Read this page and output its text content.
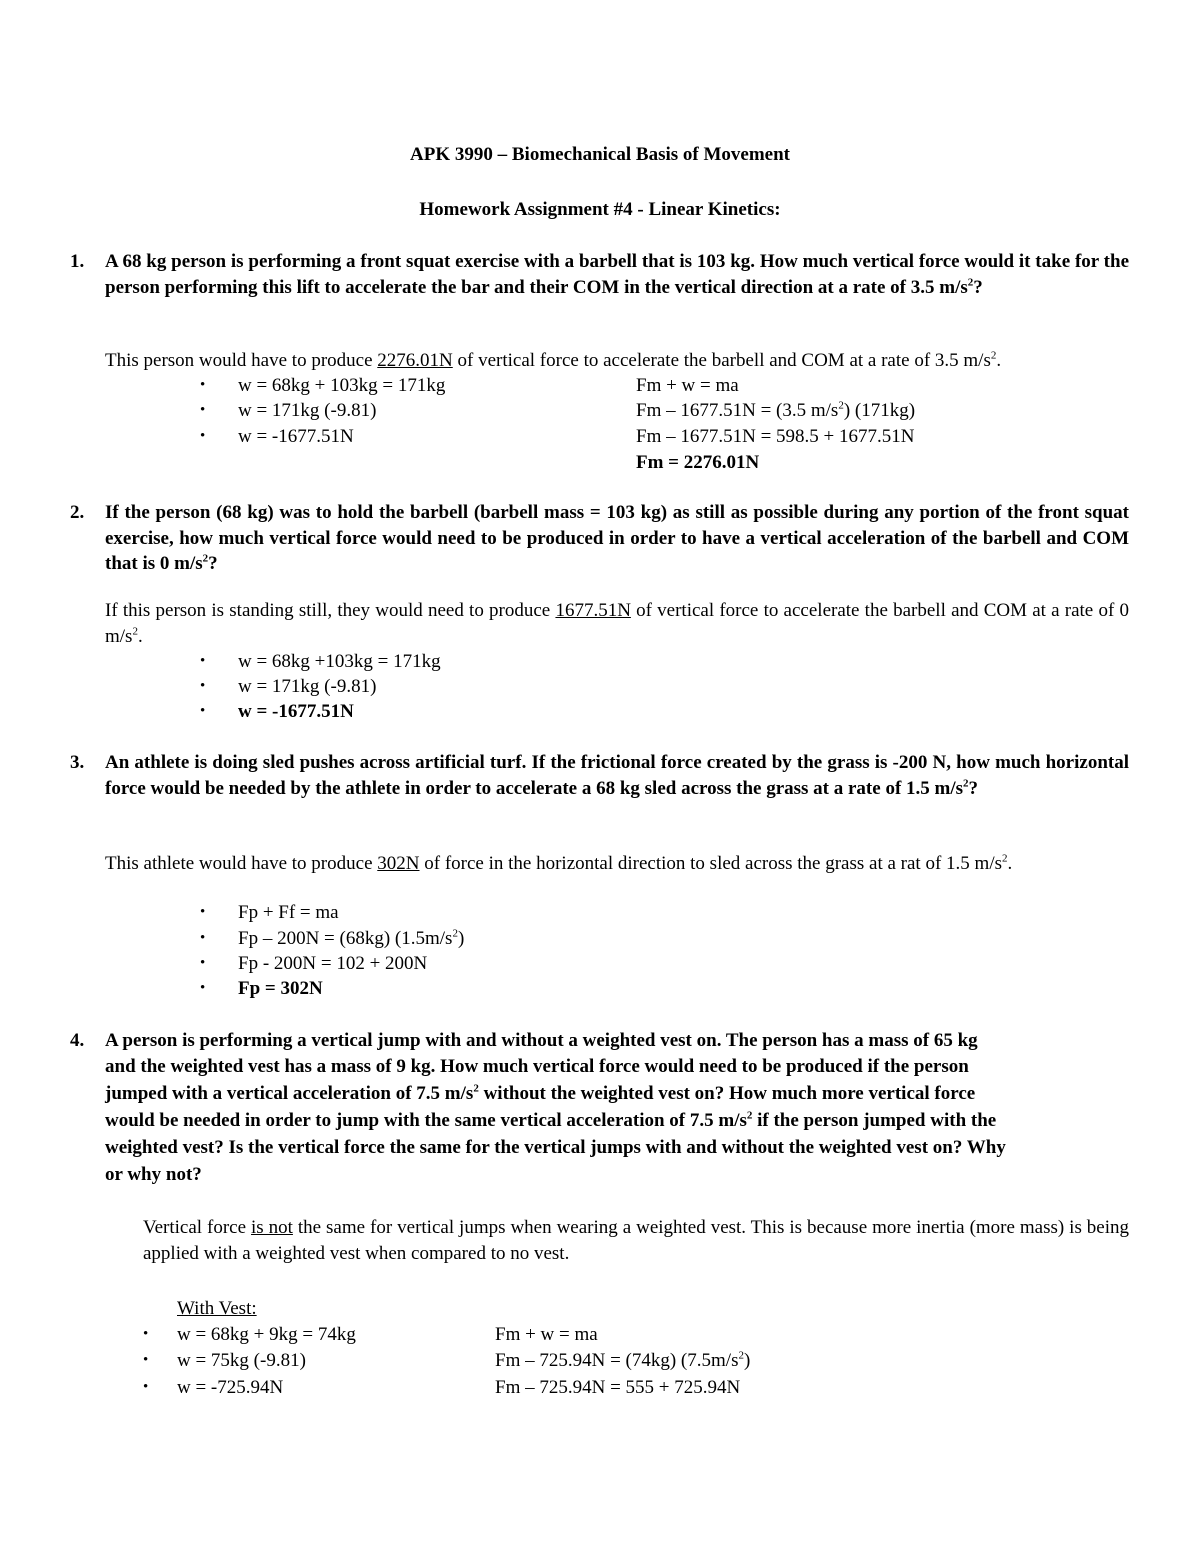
APK 3990 – Biomechanical Basis of Movement
Homework Assignment #4 - Linear Kinetics:
1. A 68 kg person is performing a front squat exercise with a barbell that is 103 kg. How much vertical force would it take for the person performing this lift to accelerate the bar and their COM in the vertical direction at a rate of 3.5 $m/s^2$?
This person would have to produce 2276.01N of vertical force to accelerate the barbell and COM at a rate of 3.5 $m/s^2$.
• w = 68kg + 103kg = 171kg
• w = 171kg (-9.81)
• w = -1677.51N
Fm + w = ma
Fm – 1677.51N = (3.5 $m/s^2$) (171kg)
Fm – 1677.51N = 598.5 + 1677.51N
Fm = 2276.01N
2. If the person (68 kg) was to hold the barbell (barbell mass = 103 kg) as still as possible during any portion of the front squat exercise, how much vertical force would need to be produced in order to have a vertical acceleration of the barbell and COM that is 0 $m/s^2$?
If this person is standing still, they would need to produce 1677.51N of vertical force to accelerate the barbell and COM at a rate of 0 $m/s^2$.
• w = 68kg +103kg = 171kg
• w = 171kg (-9.81)
• w = -1677.51N
3. An athlete is doing sled pushes across artificial turf. If the frictional force created by the grass is -200 N, how much horizontal force would be needed by the athlete in order to accelerate a 68 kg sled across the grass at a rate of 1.5 $m/s^2$?
This athlete would have to produce 302N of force in the horizontal direction to sled across the grass at a rat of 1.5 $m/s^2$.
• Fp + Ff = ma
• Fp – 200N = (68kg) $(1.5m/s^2)$
• Fp - 200N = 102 + 200N
• Fp = 302N
4. A person is performing a vertical jump with and without a weighted vest on. The person has a mass of 65 kg
and the weighted vest has a mass of 9 kg. How much vertical force would need to be produced if the person
jumped with a vertical acceleration of 7.5 $m/s^2$ without the weighted vest on? How much more vertical force
would be needed in order to jump with the same vertical acceleration of 7.5 $m/s^2$ if the person jumped with the
weighted vest? Is the vertical force the same for the vertical jumps with and without the weighted vest on? Why
or why not?
Vertical force is not the same for vertical jumps when wearing a weighted vest. This is because more inertia (more mass) is being applied with a weighted vest when compared to no vest.
With Vest:
• w = 68kg + 9kg = 74kg
• w = 75kg (-9.81)
• w = -725.94N
Fm + w = ma
Fm – 725.94N = (74kg) $(7.5m/s^2)$
Fm – 725.94N = 555 + 725.94N
